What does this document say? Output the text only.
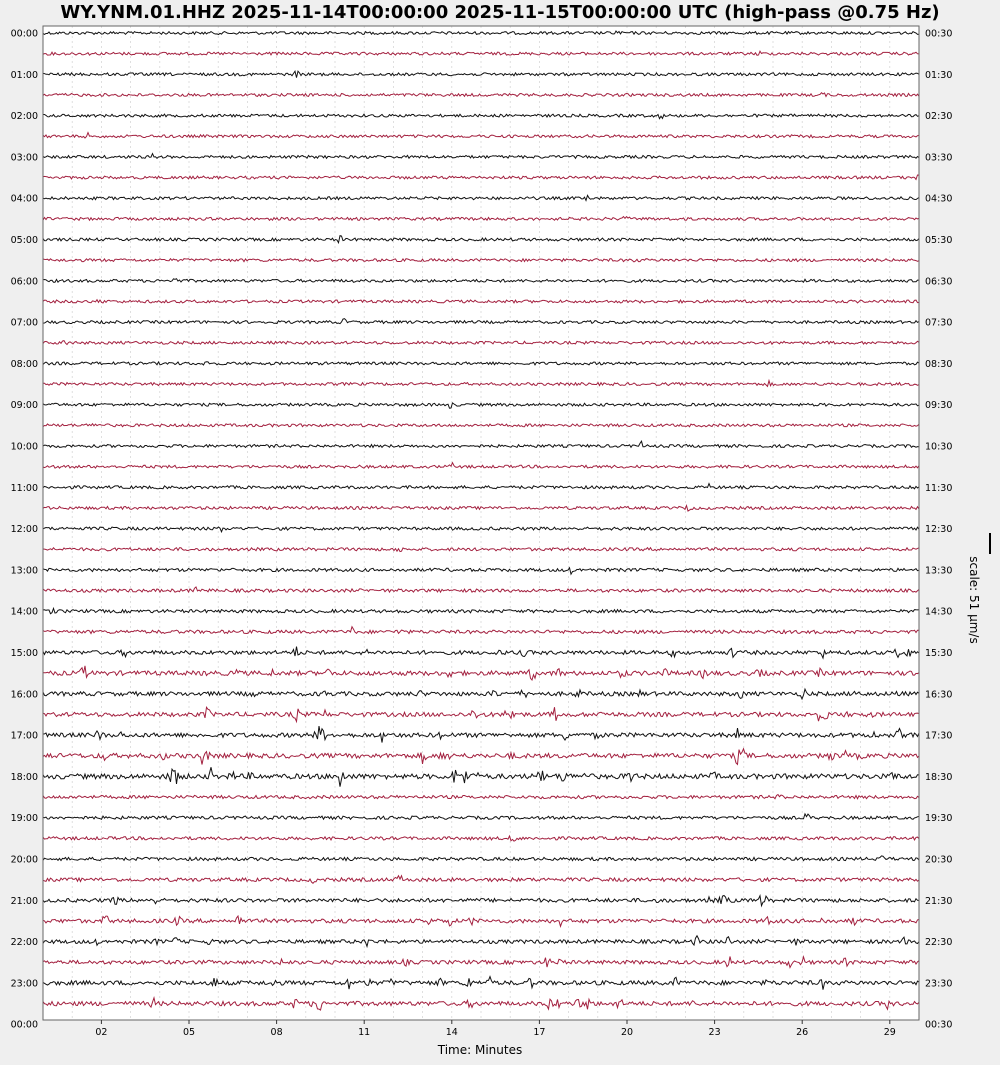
WY.YNM.01.HHZ 2025-11-14T00:00:00 2025-11-15T00:00:00 UTC (high-pass @0.75 Hz)
00:00
01:00
02:00
03:00
04:00
05:00
06:00
07:00
08:00
09:00
10:00
11:00
12:00
13:00
14:00
15:00
16:00
17:00
18:00
19:00
20:00
21:00
22:00
23:00
00:00
00:30
01:30
02:30
03:30
04:30
05:30
06:30
07:30
08:30
09:30
10:30
11:30
12:30
13:30
14:30
15:30
16:30
17:30
18:30
19:30
20:30
21:30
22:30
23:30
00:30
02	05	08	11	14	17	20	23	26	29
scale: 51 µm/s
Time: Minutes
